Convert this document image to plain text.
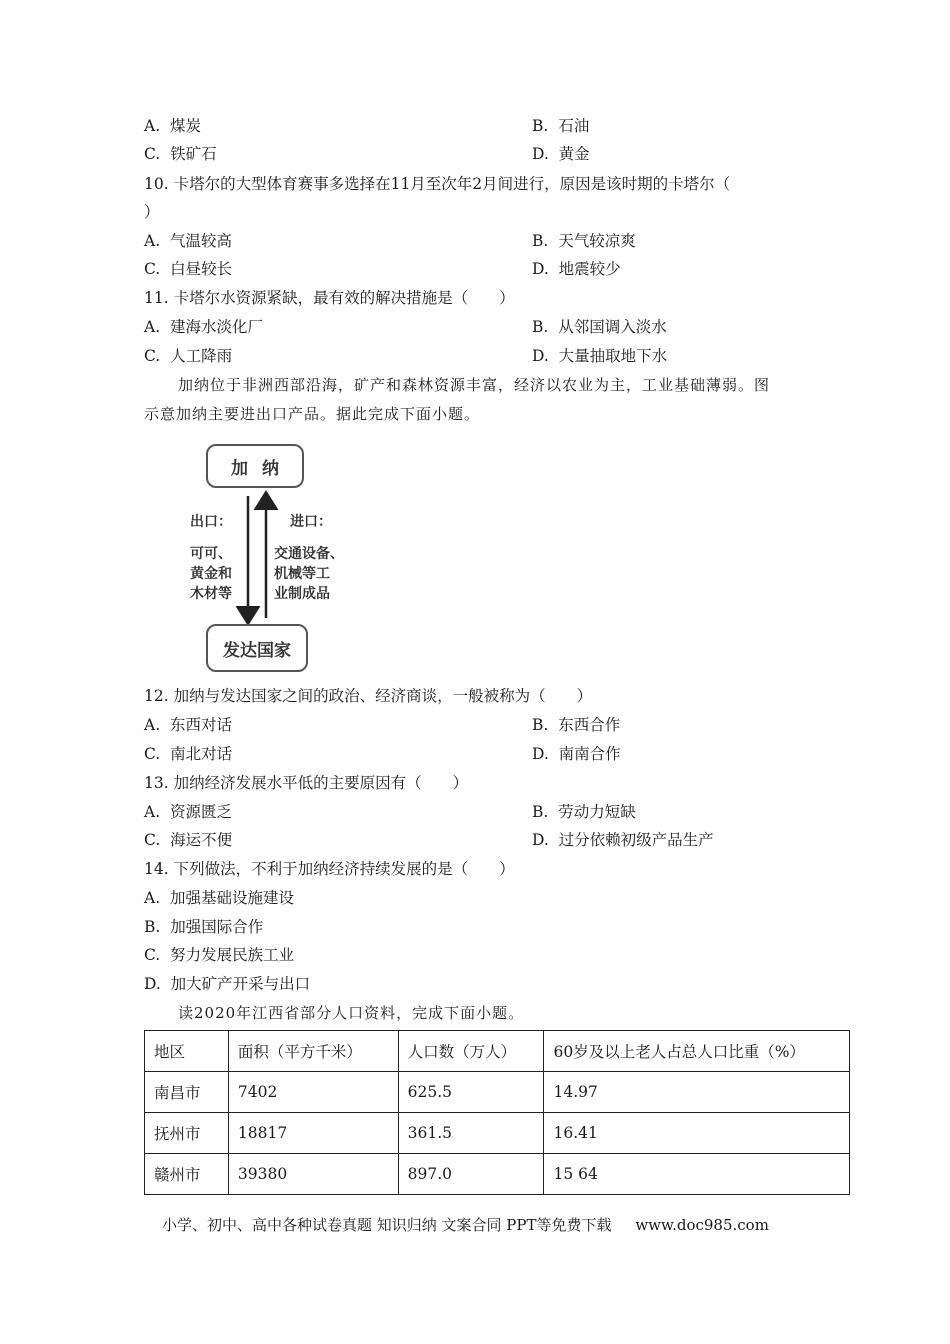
A. 煤炭	B. 石油
C. 铁矿石	D. 黄金
10. 卡塔尔的大型体育赛事多选择在11月至次年2月间进行，原因是该时期的卡塔尔（
）
A. 气温较高	B. 天气较凉爽
C. 白昼较长	D. 地震较少
11. 卡塔尔水资源紧缺，最有效的解决措施是（　　）
A. 建海水淡化厂	B. 从邻国调入淡水
C. 人工降雨	D. 大量抽取地下水
加纳位于非洲西部沿海，矿产和森林资源丰富，经济以农业为主，工业基础薄弱。图
示意加纳主要进出口产品。据此完成下面小题。
加纳
出口：
可可、
黄金和
木材等
进口：
交通设备、
机械等工
业制成品
发达国家
12. 加纳与发达国家之间的政治、经济商谈，一般被称为（　　）
A. 东西对话	B. 东西合作
C. 南北对话	D. 南南合作
13. 加纳经济发展水平低的主要原因有（　　）
A. 资源匮乏	B. 劳动力短缺
C. 海运不便	D. 过分依赖初级产品生产
14. 下列做法，不利于加纳经济持续发展的是（　　）
A. 加强基础设施建设
B. 加强国际合作
C. 努力发展民族工业
D. 加大矿产开采与出口
读2020年江西省部分人口资料，完成下面小题。
地区	面积（平方千米）	人口数（万人）	60岁及以上老人占总人口比重（%）
南昌市	7402	625.5	14.97
抚州市	18817	361.5	16.41
赣州市	39380	897.0	15 64
小学、初中、高中各种试卷真题 知识归纳 文案合同 PPT等免费下载 www.doc985.com
